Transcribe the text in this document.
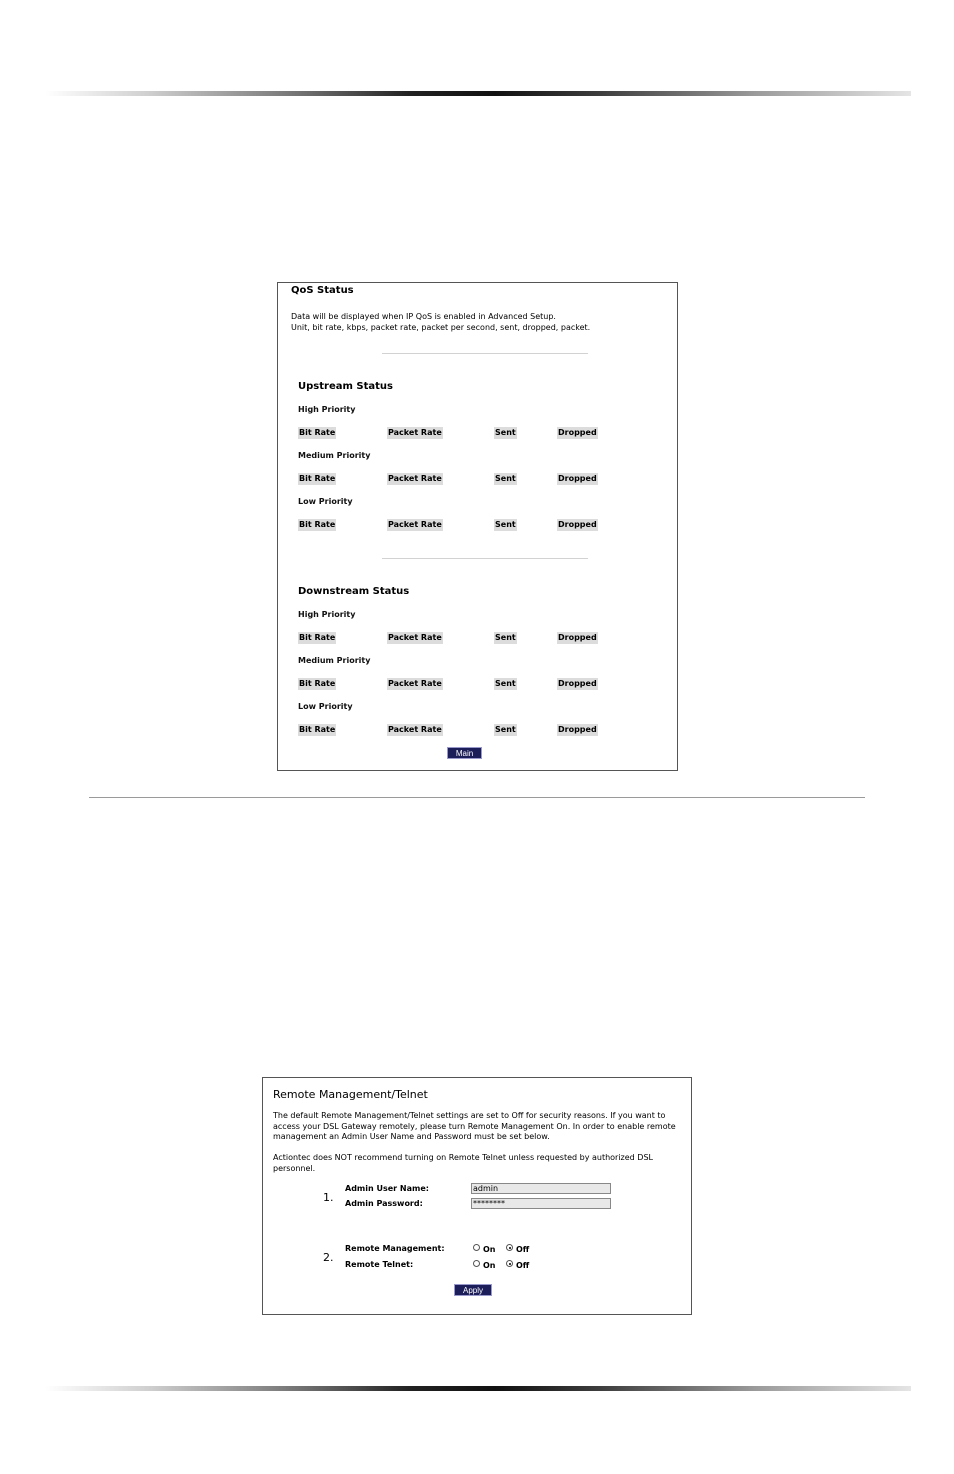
QoS Status
Data will be displayed when IP QoS is enabled in Advanced Setup.
Unit, bit rate, kbps, packet rate, packet per second, sent, dropped, packet.
Upstream Status
High Priority
Bit Rate	Packet Rate	Sent	Dropped
Medium Priority
Bit Rate	Packet Rate	Sent	Dropped
Low Priority
Bit Rate	Packet Rate	Sent	Dropped
Downstream Status
High Priority
Bit Rate	Packet Rate	Sent	Dropped
Medium Priority
Bit Rate	Packet Rate	Sent	Dropped
Low Priority
Bit Rate	Packet Rate	Sent	Dropped
Main
Remote Management/Telnet
The default Remote Management/Telnet settings are set to Off for security reasons. If you want to access your DSL Gateway remotely, please turn Remote Management On. In order to enable remote management an Admin User Name and Password must be set below.
Actiontec does NOT recommend turning on Remote Telnet unless requested by authorized DSL personnel.
1.
Admin User Name:
admin
Admin Password:
********
2.
Remote Management:	On	Off
Remote Telnet:	On	Off
Apply
